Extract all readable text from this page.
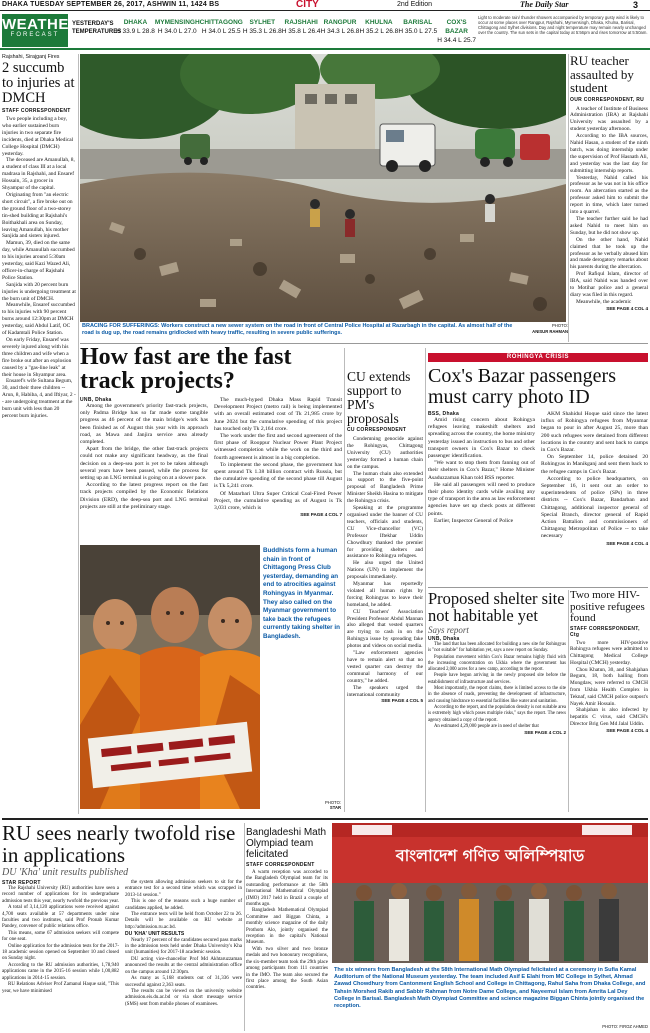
DHAKA TUESDAY SEPTEMBER 26, 2017, ASHWIN 11, 1424 BS	CITY	2nd Edition	The Daily Star	3
WEATHER
FORECAST
YESTERDAY'S TEMPERATURES
DHAKA
H 33.9 L 28.8
MYMENSINGH
H 34.0 L 27.0
CHITTAGONG
H 34.0 L 25.5
SYLHET
H 35.3 L 26.8
RAJSHAHI
H 35.8 L 26.4
RANGPUR
H 34.3 L 26.8
KHULNA
H 35.2 L 26.8
BARISAL
H 35.0 L 27.5
COX'S BAZAR
H 34.4 L 25.7
Light to moderate rain/ thunder showers accompanied by temporary gusty wind is likely to occur at some places over Rangpur, Rajshahi, Mymensingh, Dhaka, Khulna, Barisal, Chittagong and Sylhet divisions. Day and night temperature may remain nearly unchanged over the country. The sun sets in the capital today at 5:56pm and rises tomorrow at 5:50am.
Rajshahi, Sirajganj Fires
2 succumb to injuries at DMCH
STAFF CORRESPONDENT

Two people including a boy, who earlier sustained burn injuries in two separate fire incidents, died at Dhaka Medical College Hospital (DMCH) yesterday.

The deceased are Amanullah, 8, a student of class III at a local madrasa in Rajshahi, and Ensaref Hossain, 35, a grocer in Shyampur of the capital.

Originating from "an electric short circuit", a fire broke out on the ground floor of a two-storey tin-shed building at Rajshahi's Boithakhali area on Sunday, leaving Amanullah, his mother Sanjida and sisters injured.

Mamun, 39, died on the same day, while Amanullah succumbed to his injuries around 5:30am yesterday, said Kazi Wazed Ali, officer-in-charge of Rajshahi Police Station.

Sanjida with 20 percent burn injuries is undergoing treatment at the burn unit of DMCH.

Meanwhile, Ensaref succumbed to his injuries with 90 percent burns around 12:30pm at DMCH yesterday, said Abdul Latif, OC of Kadamtali Police Station.

On early Friday, Ensaref was severely injured along with his three children and wife when a fire broke out after an explosion caused by a "gas-line leak" at their house in Shyampur area.

Ensaref's wife Sultana Begum, 30, and their three children -- Arun, 8, Habiba, 4, and Iftiyar, 2 -- are undergoing treatment at the burn unit with less than 20 percent burn injuries.

BRACING FOR SUFFERINGS: Workers construct a new sewer system on the road in front of Central Police Hospital at Razarbagh in the capital. As almost half of the road is dug up, the road remains gridlocked with heavy traffic, resulting in severe public sufferings.
PHOTO:
ANISUR RAHMAN
RU teacher assaulted by student
OUR CORRESPONDENT, RU

A teacher of Institute of Business Administration (IBA) at Rajshahi University was assaulted by a student yesterday afternoon.

According to the IBA sources, Nahid Hasan, a student of the ninth batch, was doing internship under the supervision of Prof Hasnath Ali, and yesterday was the last day for submitting internship reports.

Yesterday, Nahid called his professor as he was not in his office room. An altercation started as the professor asked him to submit the report in time, which later turned into a quarrel.

The teacher further said he had asked Nahid to meet him on Sunday, but he did not show up.

On the other hand, Nahid claimed that he took up the professor as he verbally abused him and made derogatory remarks about his parents during the altercation.

Prof Rafiqul Islam, director of IBA, said Nahid was handed over to Motihar police and a general diary was filed in this regard.

Meanwhile, the academic

SEE PAGE 4 COL 4
How fast are the fast track projects?
UNB, Dhaka

Among the government's priority fast-track projects, only Padma Bridge has so far made some tangible progress as 46 percent of the main bridge's work has been finished as of August this year with its approach road, as Mawa and Janjira service area already completed.

Apart from the bridge, the other fast-track projects could not make any significant headway, as the final decision on a deep-sea port is yet to be taken although several years have been passed, while the process for setting up an LNG terminal is going on at a slower pace.

According to the latest progress report on the fast track projects compiled by the Economic Relations Division (ERD), the deep-sea port and LNG terminal projects are still at the preliminary stage.

The much-hyped Dhaka Mass Rapid Transit Development Project (metro rail) is being implemented with an overall estimated cost of Tk 21,985 crore by June 2024 but the cumulative spending of this project has touched only Tk 2,164 crore.

The work under the first and second agreement of the first phase of Rooppur Nuclear Power Plant Project witnessed completion while the work on the third and fourth agreement is almost in a big completion.

To implement the second phase, the government has spent around Tk 1.38 billion contract with Russia, but the cumulative spending of the second phase till August is Tk 5,241 crore.

Of Matarbari Ultra Super Critical Coal-Fired Power Project, the cumulative spending as of August is Tk 3,031 crore, which is

SEE PAGE 4 COL 7
Buddhists form a human chain in front of Chittagong Press Club yesterday, demanding an end to atrocities against Rohingyas in Myanmar. They also called on the Myanmar government to take back the refugees currently taking shelter in Bangladesh.
PHOTO:
STAR
CU extends support to PM's proposals
CU CORRESPONDENT

Condemning genocide against the Rohingyas, Chittagong University (CU) authorities yesterday formed a human chain on the campus.

The human chain also extended its support to the five-point proposal of Bangladesh Prime Minister Sheikh Hasina to mitigate the Rohingya crisis.

Speaking at the programme organised under the banner of CU teachers, officials and students, CU Vice-chancellor (VC) Professor Iftekhar Uddin Chowdhury thanked the premier for providing shelters and assistance to Rohingya refugees.

He also urged the United Nations (UN) to implement the proposals immediately.

Myanmar has reportedly violated all human rights by forcing Rohingyas to leave their homeland, he added.

CU Teachers' Association President Professor Abdul Mannan also alleged that vested quarters are trying to cash in on the Rohingya issue by spreading fake photos and videos on social media.

"Law enforcement agencies have to remain alert so that no vested quarter can destroy the communal harmony of our country," he added.

The speakers urged the international community

SEE PAGE 4 COL 5
ROHINGYA CRISIS
Cox's Bazar passengers must carry photo ID
BSS, Dhaka

Amid rising concern about Rohingya refugees leaving makeshift shelters and spreading across the country, the home ministry yesterday issued an instruction to bus and other transport owners in Cox's Bazar to check passenger identification.

"We want to stop them from fanning out of their shelters in Cox's Bazar," Home Minister Asaduzzaman Khan told BSS reporter.

He said all passengers will need to produce their photo identity cards while availing any type of transport in the area as law enforcement agencies have set up check posts at different points.

Earlier, Inspector General of Police

AKM Shahidul Hoque said since the latest influx of Rohingya refugees from Myanmar began to pour in after August 25, more than 200 such refugees were detained from different locations in the country and sent back to camps in Cox's Bazar.

On September 14, police detained 20 Rohingyas in Manikganj and sent them back to the refugee camps in Cox's Bazar.

According to police headquarters, on September 16, it sent out an order to superintendents of police (SPs) in three districts -- Cox's Bazar, Bandarban and Chittagong, additional inspector general of Special Branch, director general of Rapid Action Battalion and commissioners of Chittagong Metropolitan of Police -- to take necessary

SEE PAGE 4 COL 4
Proposed shelter site not habitable yet
Says report
UNB, Dhaka

The land that has been allocated for building a new site for Rohingyas is "not suitable" for habitation yet, says a new report on Sunday.

Population movement within Cox's Bazar remains highly fluid with the increasing concentration on Ukhia where the government has allocated 2,000 acres for a new camp, according to the report.

People have begun arriving in the newly proposed site before the establishment of infrastructure and services.

Most importantly, the report claims, there is limited access to the site in the absence of roads, preventing the development of infrastructure, and causing hindrance to essential facilities like water and sanitation.

According to the report, and the population density is not suitable area is extremely high which poses multiple risks," says the report. The news agency obtained a copy of the report.

An estimated 4,29,000 people are in need of shelter that

SEE PAGE 4 COL 2
Two more HIV-positive refugees found
STAFF CORRESPONDENT, Ctg

Two more HIV-positive Rohingya refugees were admitted to Chittagong Medical College Hospital (CMCH) yesterday.

Chou Khatun, 30, and Shahjahan Begum, 18, both hailing from Mongdaw, were referred to CMCH from Ukhia Health Complex in Teknaf, said CMCH police outpost's Nayek Amir Hossain.

Shahjahan is also infected by hepatitis C virus, said CMCH's Director Brig Gen Md Jalal Uddin.

SEE PAGE 4 COL 4
RU sees nearly twofold rise in applications
DU 'Kha' unit results published
STAR REPORT

The Rajshahi University (RU) authorities have seen a record number of applications for its undergraduate admission tests this year, nearly twofold the previous year.

A total of 3,14,120 applications were received against 4,700 seats available at 57 departments under nine faculties and two institutes, said Prof Pronab Kumar Pandey, convener of public relations office.

This means, some 67 admission seekers will compete for one seat.

Online application for the admission tests for the 2017-18 academic session opened on September 10 and closed on Sunday night.

According to the RU admission authorities, 1,78,940 applications came in the 2015-16 session while 1,00,882 applications in 2014-15 session.

RU Relations Adviser Prof Zamanul Haque said, "This year, we have minimised

the system allowing admission seekers to sit for the entrance test for a second time which was scrapped in 2013-14 session."

This is one of the reasons such a huge number of candidates applied, he added.

The entrance tests will be held from October 22 to 26. Details will be available on RU website at http://admission.ru.ac.bd.

DU 'KHA' UNIT RESULTS

Nearly 17 percent of the candidates secured pass marks in the admission tests held under Dhaka University's Kha unit (humanities) for 2017-18 academic session.

DU acting vice-chancellor Prof Md Akhtaruzzaman announced the results at the central administration office on the campus around 12:30pm.

As many as 5,168 students out of 31,336 were successful against 2,363 seats.

The results can be viewed on the university website admission.eis.du.ac.bd or via short message service (SMS) sent from mobile phones of examinees.

Bangladeshi Math Olympiad team felicitated
STAFF CORRESPONDENT

A warm reception was accorded to the Bangladesh Olympiad team for its outstanding performance at the 58th International Mathematical Olympiad (IMO) 2017 held in Brazil a couple of months ago.

Bangladesh Mathematical Olympiad Committee and Biggan Chinta, a monthly science magazine of the daily Prothom Alo, jointly organised the reception in the capital's National Museum.

With two silver and two bronze medals and two honourary recognitions, the six-member team took the 29th place among participants from 111 countries in the IMO. The team also secured the first place among the South Asian countries.

বাংলাদেশ গণিত অলিম্পিয়াড
The six winners from Bangladesh at the 58th International Math Olympiad felicitated at a ceremony in Sufia Kamal Auditorium of the National Museum yesterday. The team included Asif E Elahi from MC College in Sylhet, Ahmad Zawad Chowdhury from Cantonment English School and College in Chittagong, Rahul Saha from Dhaka College, and Tahsin Morshed Rakib and Sabbir Rahman from Notre Dame College, and Nayeemul Islam from Amrita Lal Dey College in Barisal. Bangladesh Math Olympiad Committee and science magazine Biggan Chinta jointly organised the reception.
PHOTO: FIROZ AHMED
